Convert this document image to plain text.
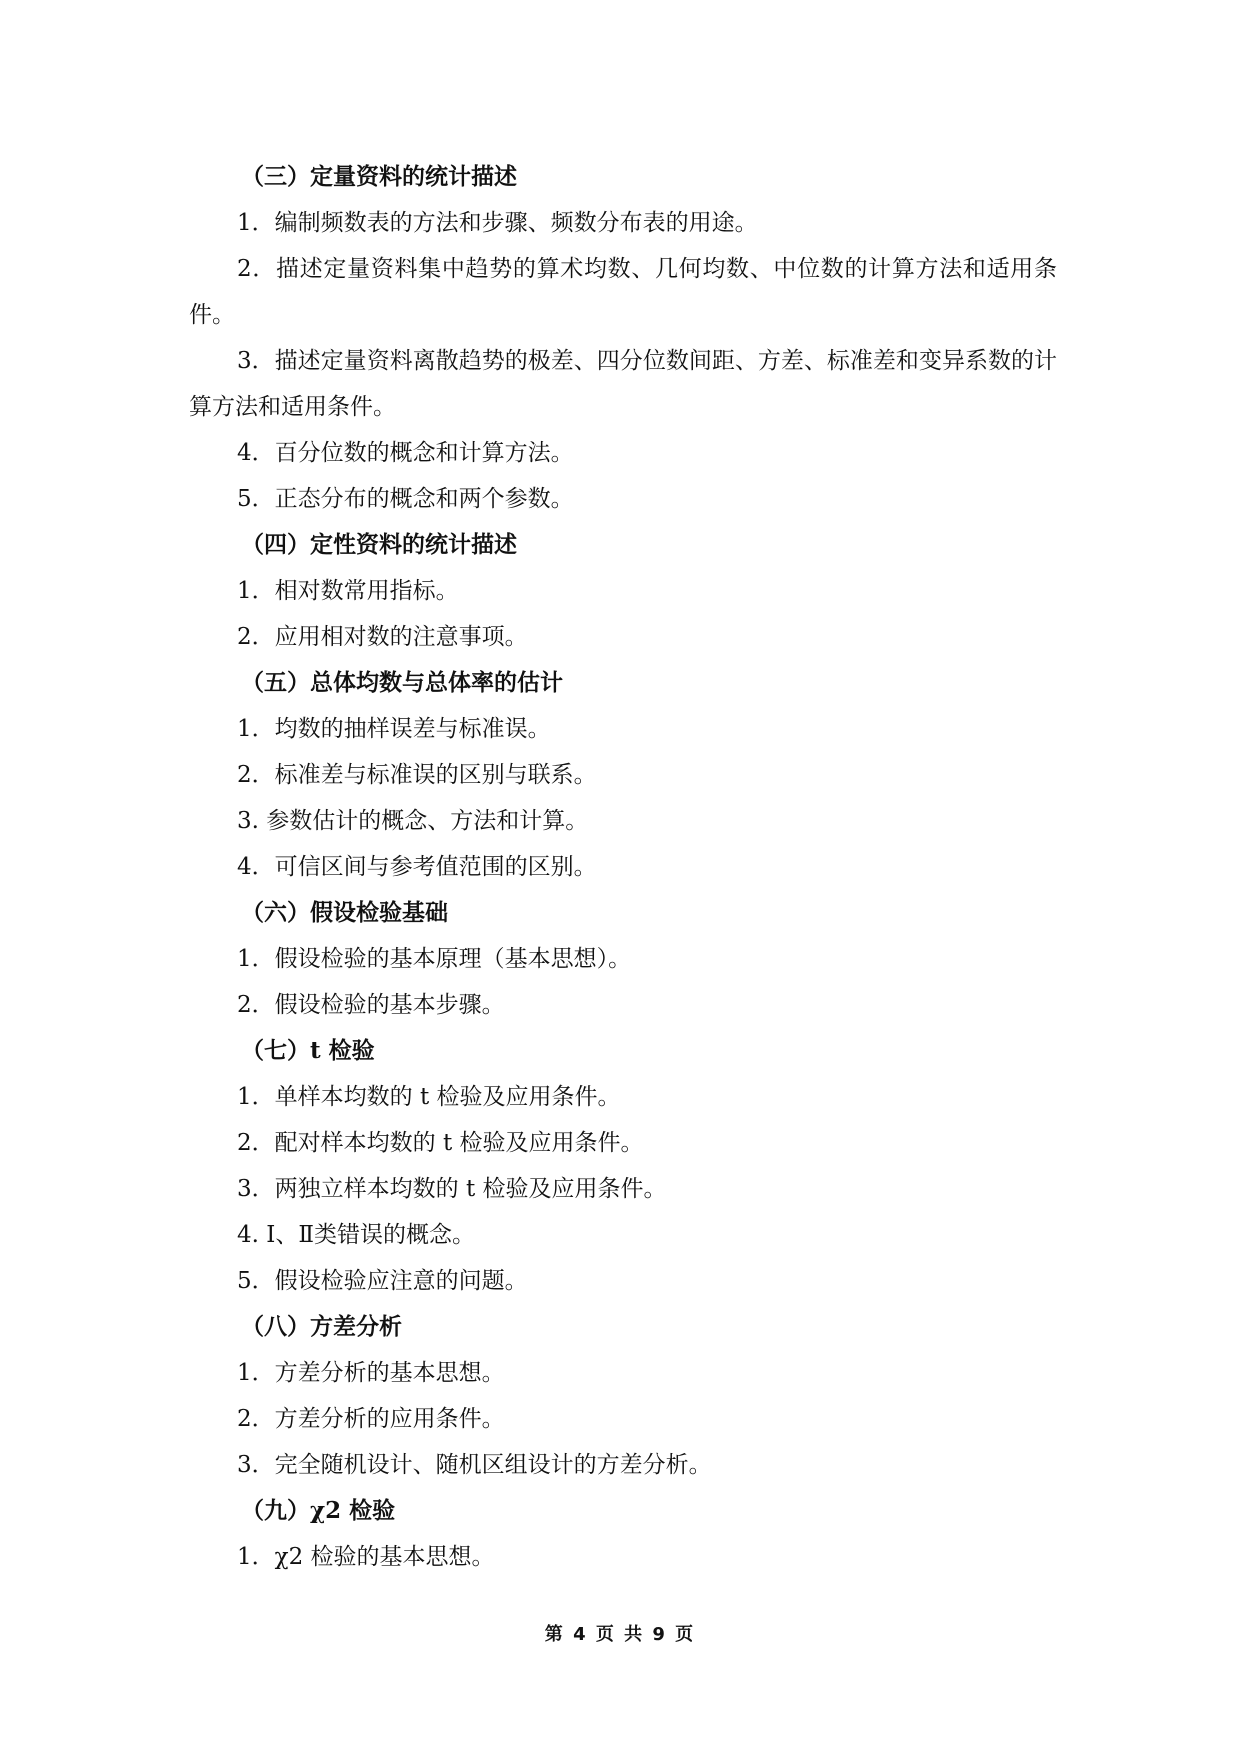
（三）定量资料的统计描述

1．编制频数表的方法和步骤、频数分布表的用途。

2．描述定量资料集中趋势的算术均数、几何均数、中位数的计算方法和适用条件。

3．描述定量资料离散趋势的极差、四分位数间距、方差、标准差和变异系数的计算方法和适用条件。

4．百分位数的概念和计算方法。

5．正态分布的概念和两个参数。

（四）定性资料的统计描述

1．相对数常用指标。

2．应用相对数的注意事项。

（五）总体均数与总体率的估计

1．均数的抽样误差与标准误。

2．标准差与标准误的区别与联系。

3. 参数估计的概念、方法和计算。

4．可信区间与参考值范围的区别。

（六）假设检验基础

1．假设检验的基本原理（基本思想）。

2．假设检验的基本步骤。

（七）t 检验

1．单样本均数的 t 检验及应用条件。

2．配对样本均数的 t 检验及应用条件。

3．两独立样本均数的 t 检验及应用条件。

4. Ⅰ、Ⅱ类错误的概念。

5．假设检验应注意的问题。

（八）方差分析

1．方差分析的基本思想。

2．方差分析的应用条件。

3．完全随机设计、随机区组设计的方差分析。

（九）χ2 检验

1．χ2 检验的基本思想。

第 4 页 共 9 页
